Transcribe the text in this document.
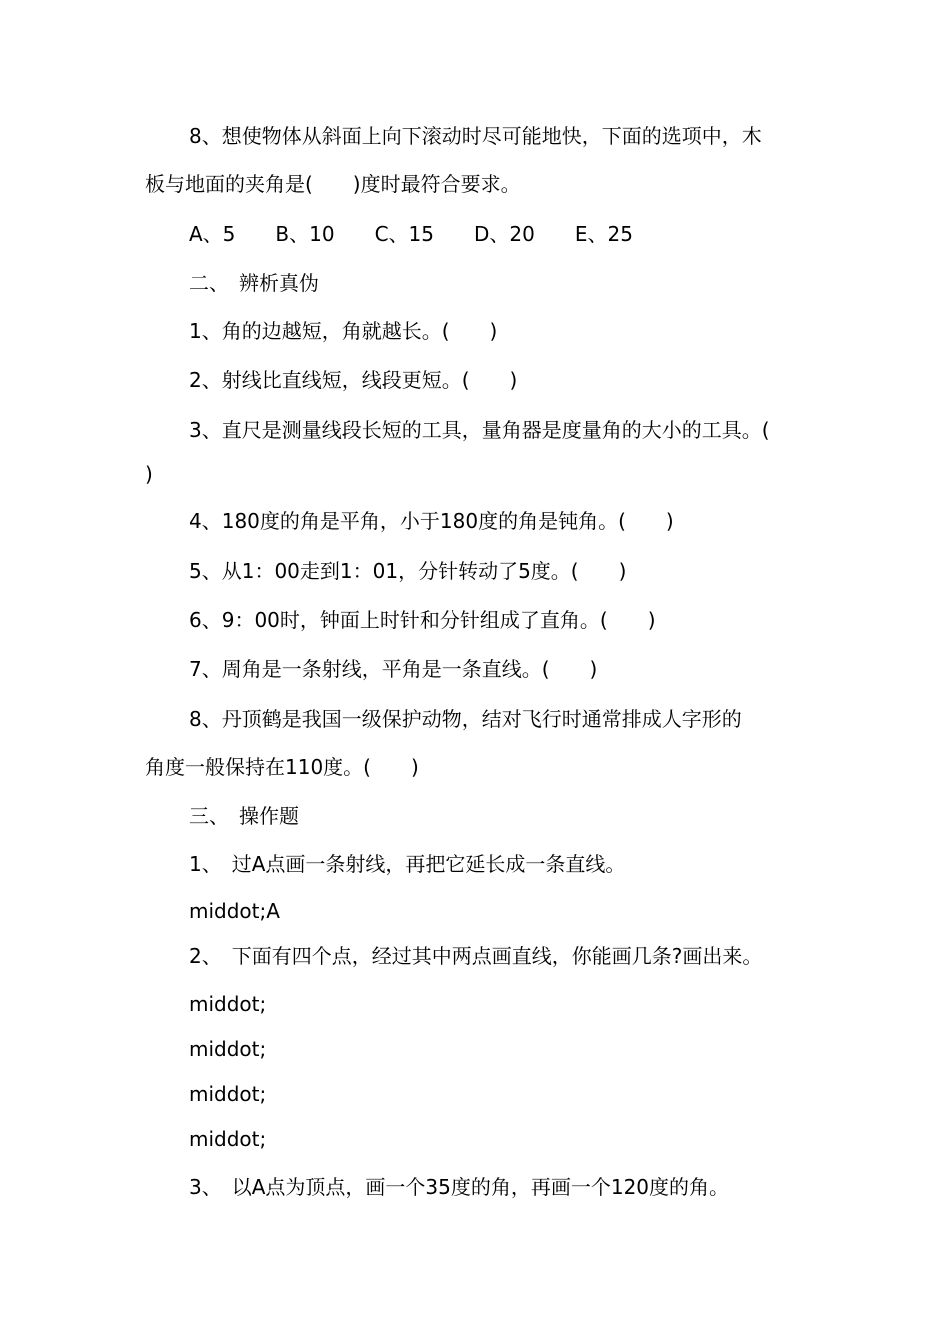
8、想使物体从斜面上向下滚动时尽可能地快，下面的选项中，木
板与地面的夹角是(　　)度时最符合要求。
A、5　　B、10　　C、15　　D、20　　E、25
二、　辨析真伪
1、角的边越短，角就越长。(　　)
2、射线比直线短，线段更短。(　　)
3、直尺是测量线段长短的工具，量角器是度量角的大小的工具。(
)
4、180度的角是平角，小于180度的角是钝角。(　　)
5、从1：00走到1：01，分针转动了5度。(　　)
6、9：00时，钟面上时针和分针组成了直角。(　　)
7、周角是一条射线，平角是一条直线。(　　)
8、丹顶鹤是我国一级保护动物，结对飞行时通常排成人字形的
角度一般保持在110度。(　　)
三、　操作题
1、　过A点画一条射线，再把它延长成一条直线。
middot;A
2、　下面有四个点，经过其中两点画直线，你能画几条?画出来。
middot;
middot;
middot;
middot;
3、　以A点为顶点，画一个35度的角，再画一个120度的角。
